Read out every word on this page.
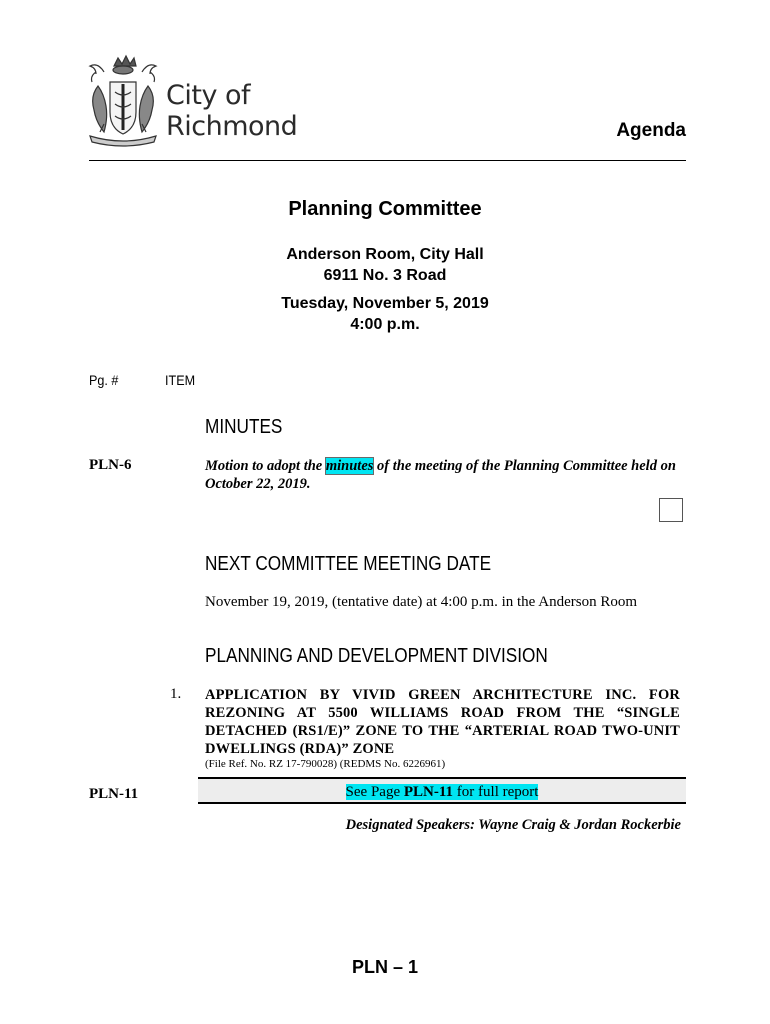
City of
Richmond	Agenda
Planning Committee
Anderson Room, City Hall
6911 No. 3 Road
Tuesday, November 5, 2019
4:00 p.m.
Pg. #	ITEM
MINUTES
PLN-6	Motion to adopt the minutes of the meeting of the Planning Committee held on October 22, 2019.
NEXT COMMITTEE MEETING DATE
November 19, 2019, (tentative date) at 4:00 p.m. in the Anderson Room
PLANNING AND DEVELOPMENT DIVISION
1. APPLICATION BY VIVID GREEN ARCHITECTURE INC. FOR REZONING AT 5500 WILLIAMS ROAD FROM THE “SINGLE DETACHED (RS1/E)” ZONE TO THE “ARTERIAL ROAD TWO-UNIT DWELLINGS (RDA)” ZONE
(File Ref. No. RZ 17-790028) (REDMS No. 6226961)
PLN-11	See Page PLN-11 for full report
Designated Speakers: Wayne Craig & Jordan Rockerbie
PLN – 1
